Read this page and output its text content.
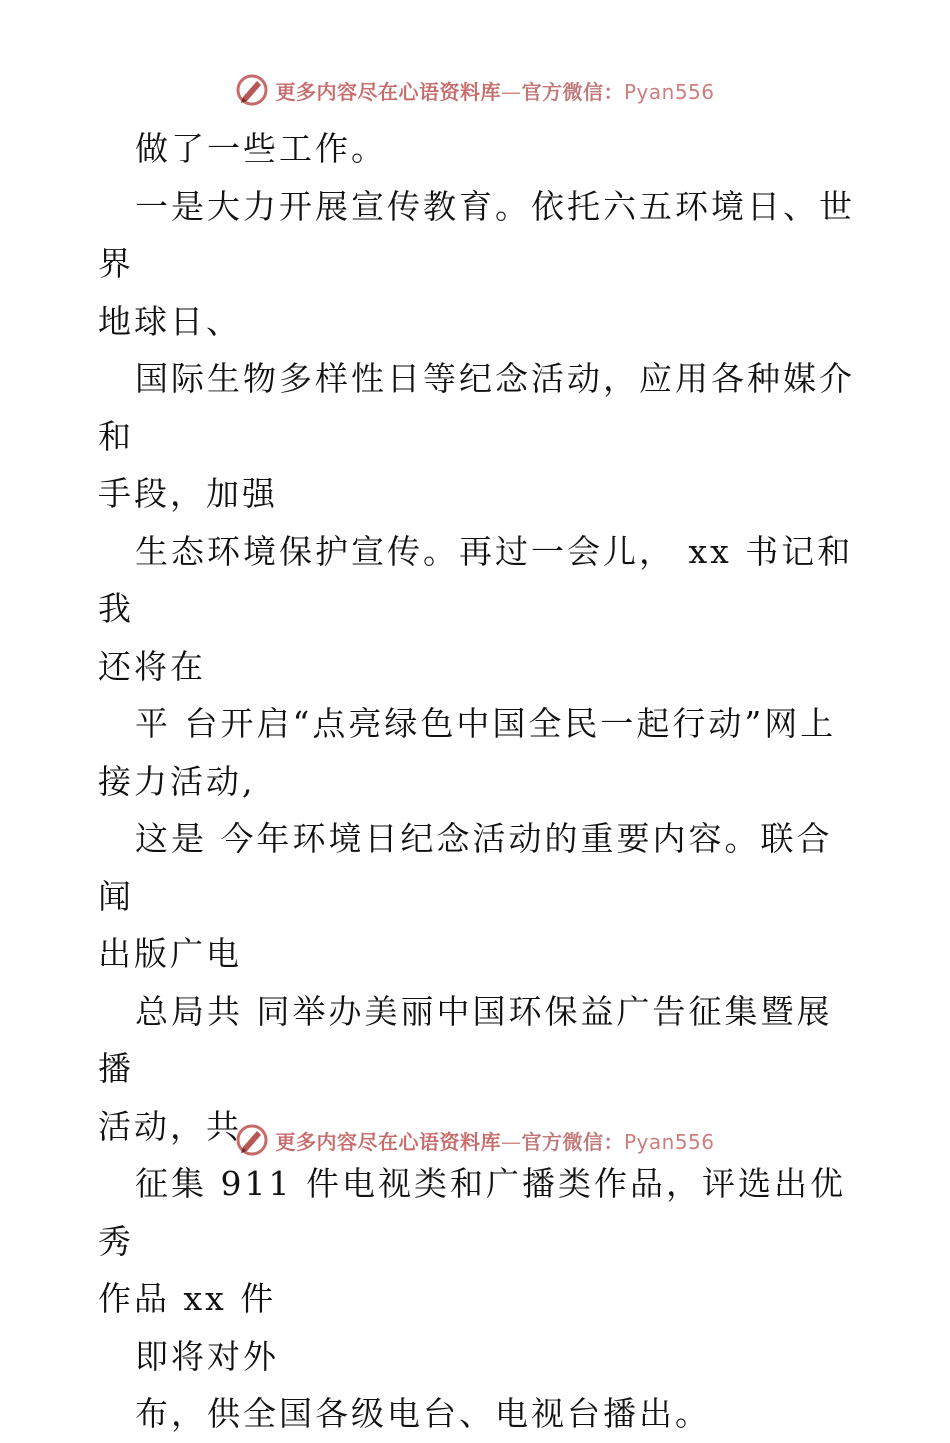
更多内容尽在心语资料库—官方微信：Pyan556

做了一些工作。

一是大力开展宣传教育。依托六五环境日、世界

地球日、

国际生物多样性日等纪念活动，应用各种媒介和

手段，加强

生态环境保护宣传。再过一会儿， xx 书记和我

还将在

平 台开启“点亮绿色中国全民一起行动”网上

接力活动,

这是 今年环境日纪念活动的重要内容。联合闻

出版广电

总局共 同举办美丽中国环保益广告征集暨展播

活动，共

征集 911 件电视类和广播类作品，评选出优秀

作品 xx 件

即将对外

布，供全国各级电台、电视台播出。

更多内容尽在心语资料库—官方微信：Pyan556
